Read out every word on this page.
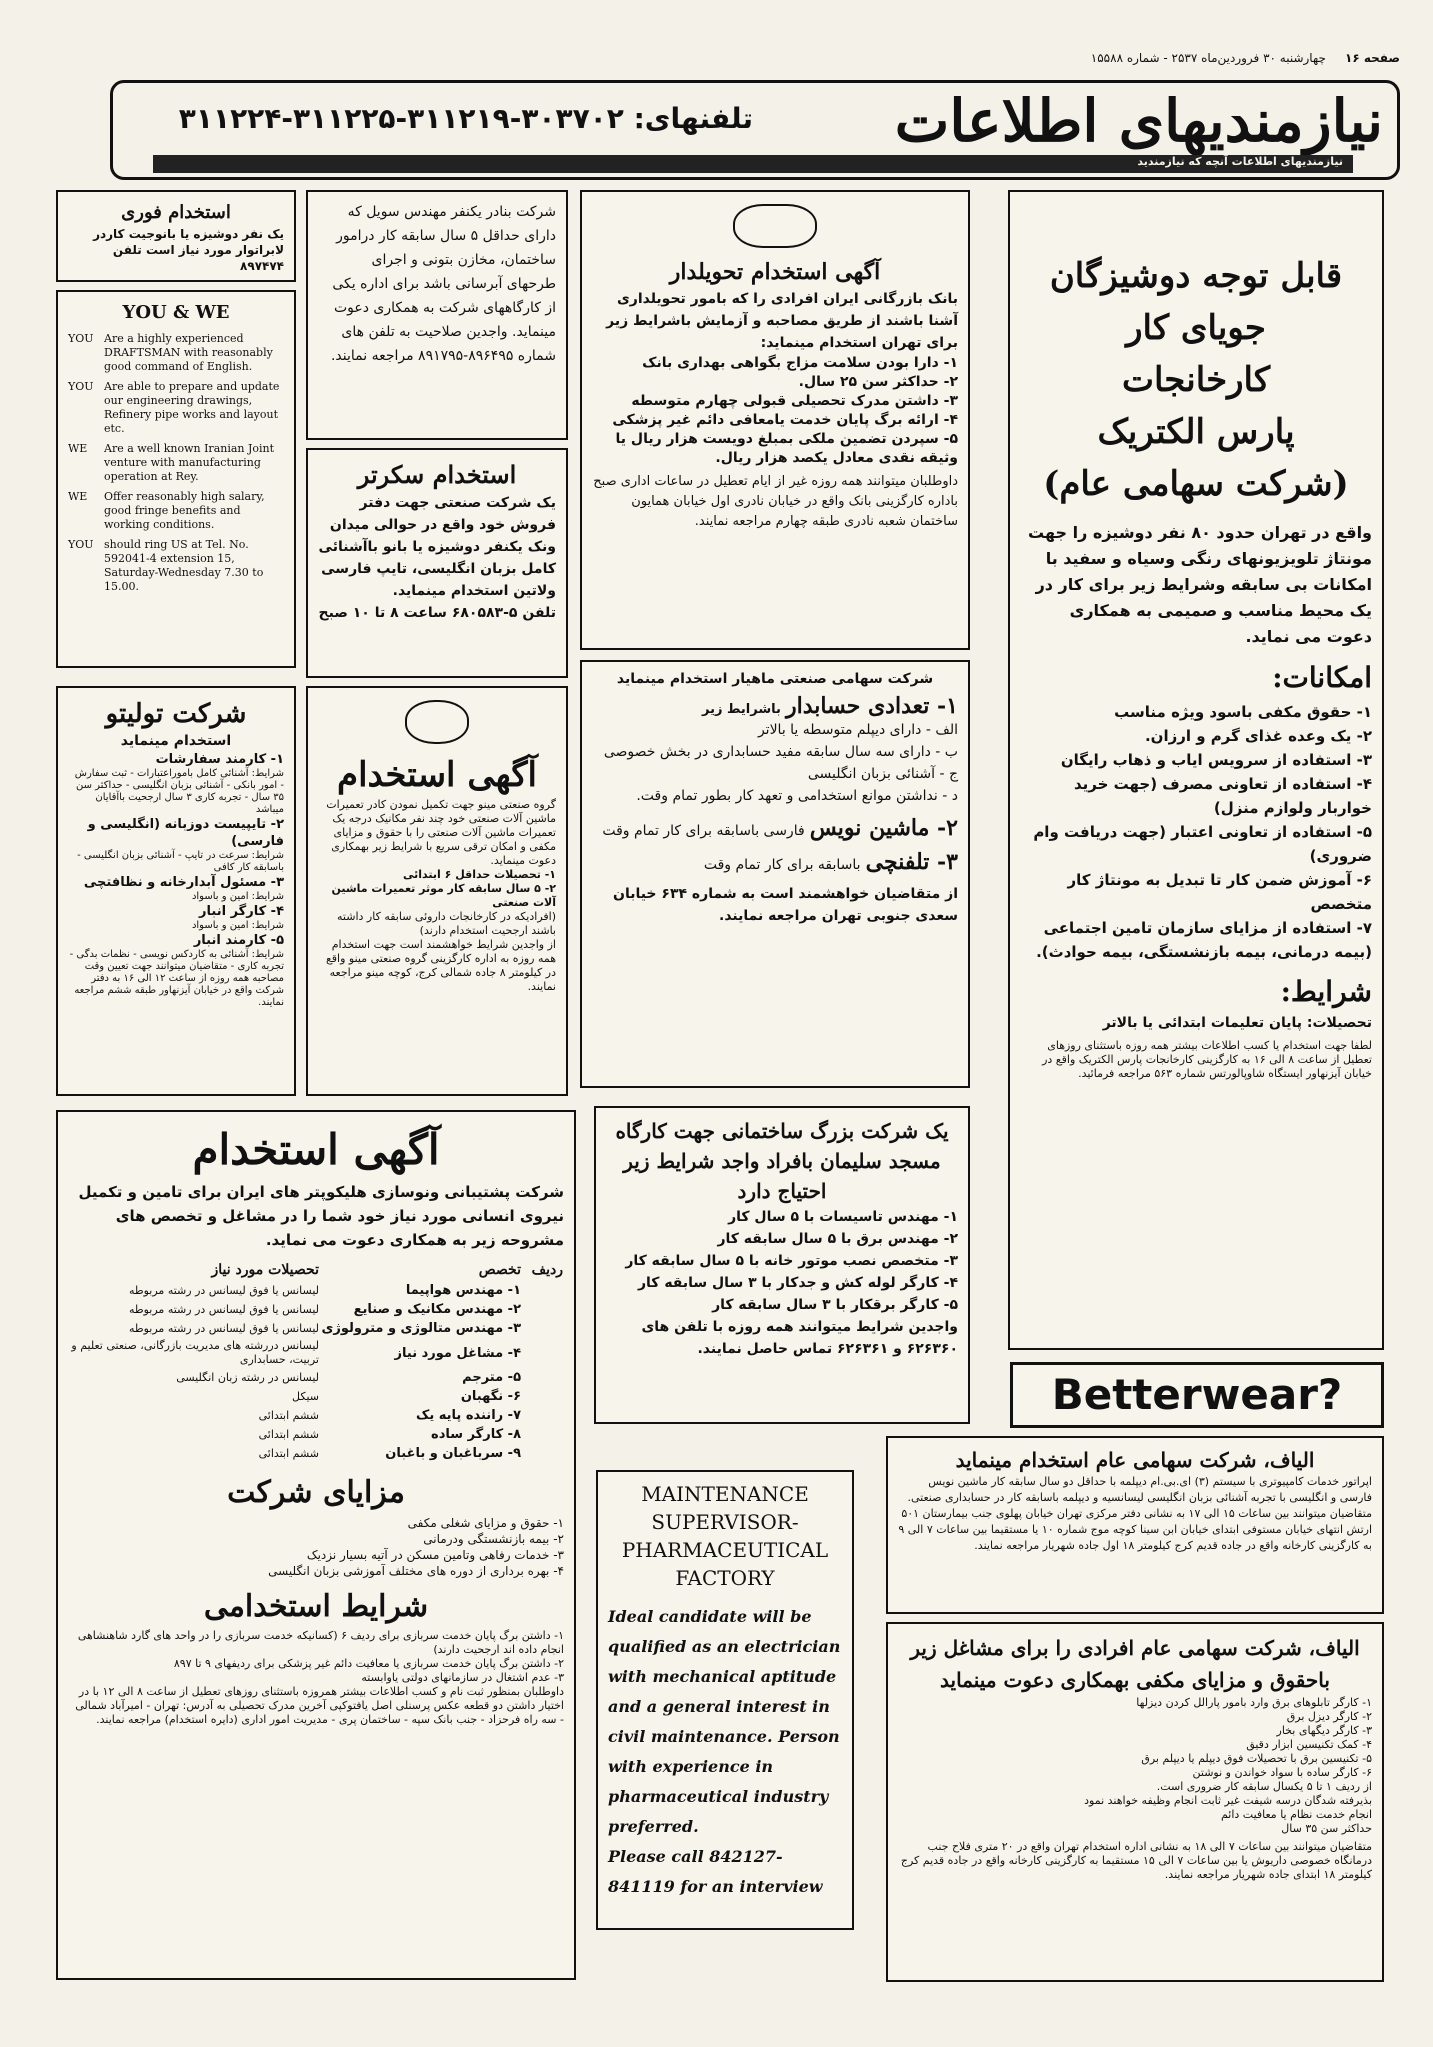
صفحه ۱۶     چهارشنبه ۳۰ فروردین‌ماه ۲۵۳۷ - شماره ۱۵۵۸۸
نیازمندیهای اطلاعات
تلفنهای: ۳۰۳۷۰۲-۳۱۱۲۱۹-۳۱۱۲۲۵-۳۱۱۲۲۴
نیازمندیهای اطلاعات آنچه که نیازمندید
استخدام فوری
یک نفر دوشیزه یا بانوجیت کاردر لابراتوار مورد نیاز است تلفن ۸۹۷۴۷۴
YOU & WE
YOU Are a highly experienced DRAFTSMAN with reasonably good command of English.
YOU Are able to prepare and update our engineering drawings, Refinery pipe works and layout etc.
WE	Are a well known Iranian Joint venture with manufacturing operation at Rey.
WE	Offer reasonably high salary, good fringe benefits and working conditions.
YOU should ring US at Tel. No. 592041-4 extension 15, Saturday-Wednesday 7.30 to 15.00.
شرکت تولیتو
استخدام مینماید
۱- کارمند سفارشات
شرایط: آشنائی کامل باموراعتبارات - ثبت سفارش - امور بانکی - آشنائی بزبان انگلیسی - حداکثر سن ۳۵ سال - تجربه کاری ۳ سال ارجحیت باآقایان میباشد
۲- تایپیست دوزبانه (انگلیسی و فارسی)
شرایط: سرعت در تایپ - آشنائی بزبان انگلیسی - باسابقه کار کافی
۳- مسئول آبدارخانه و نظافتچی
شرایط: امین و باسواد
۴- کارگر انبار
شرایط: امین و باسواد
۵- کارمند انبار
شرایط: آشنائی به کاردکس نویسی - نظمات بدگی - تجربه کاری - متقاضیان میتوانند جهت تعیین وقت مصاحبه همه روزه از ساعت ۱۲ الی ۱۶ به دفتر شرکت واقع در خیابان آیزنهاور طبقه ششم مراجعه نمایند.
شرکت بنادر یکنفر مهندس سویل که دارای حداقل ۵ سال سابقه کار درامور ساختمان، مخازن بتونی و اجرای طرحهای آبرسانی باشد برای اداره یکی از کارگاههای شرکت به همکاری دعوت مینماید. واجدین صلاحیت به تلفن های شماره ۸۹۶۴۹۵-۸۹۱۷۹۵ مراجعه نمایند.
استخدام سکرتر
یک شرکت صنعتی جهت دفتر فروش خود واقع در حوالی میدان ونک یکنفر دوشیزه یا بانو باآشنائی کامل بزبان انگلیسی، تایپ فارسی ولاتین استخدام مینماید.
تلفن ۵-۶۸۰۵۸۳ ساعت ۸ تا ۱۰ صبح
آگهی استخدام
گروه صنعتی مینو جهت تکمیل نمودن کادر تعمیرات ماشین آلات صنعتی خود چند نفر مکانیک درجه یک تعمیرات ماشین آلات صنعتی را با حقوق و مزایای مکفی و امکان ترقی سریع با شرایط زیر بهمکاری دعوت مینماید.
۱- تحصیلات حداقل ۶ ابتدائی
۲- ۵ سال سابقه کار موثر تعمیرات ماشین آلات صنعتی
(افرادیکه در کارخانجات داروئی سابقه کار داشته باشند ارجحیت استخدام دارند)
از واجدین شرایط خواهشمند است جهت استخدام همه روزه به اداره کارگزینی گروه صنعتی مینو واقع در کیلومتر ۸ جاده شمالی کرج، کوچه مینو مراجعه نمایند.
آگهی استخدام تحویلدار
بانک بازرگانی ایران افرادی را که بامور تحویلداری آشنا باشند از طریق مصاحبه و آزمایش باشرایط زیر برای تهران استخدام مینماید:
۱- دارا بودن سلامت مزاج بگواهی بهداری بانک
۲- حداکثر سن ۲۵ سال.
۳- داشتن مدرک تحصیلی قبولی چهارم متوسطه
۴- ارائه برگ پایان خدمت یامعافی دائم غیر پزشکی
۵- سپردن تضمین ملکی بمبلغ دویست هزار ریال یا وثیقه نقدی معادل یکصد هزار ریال.
داوطلبان میتوانند همه روزه غیر از ایام تعطیل در ساعات اداری صبح باداره کارگزینی بانک واقع در خیابان نادری اول خیابان همایون ساختمان شعبه نادری طبقه چهارم مراجعه نمایند.
شرکت سهامی صنعتی ماهیار استخدام مینماید
۱- تعدادی حسابدار باشرایط زیر
الف - دارای دیپلم متوسطه یا بالاتر
ب - دارای سه سال سابقه مفید حسابداری در بخش خصوصی
ج - آشنائی بزبان انگلیسی
د - نداشتن موانع استخدامی و تعهد کار بطور تمام وقت.
۲- ماشین نویس فارسی باسابقه برای کار تمام وقت
۳- تلفنچی باسابقه برای کار تمام وقت
از متقاضیان خواهشمند است به شماره ۶۳۴ خیابان سعدی جنوبی تهران مراجعه نمایند.
قابل توجه دوشیزگان
جویای کار
کارخانجات
پارس الکتریک
(شرکت سهامی عام)
واقع در تهران حدود ۸۰ نفر دوشیزه را جهت مونتاژ تلویزیونهای رنگی وسیاه و سفید با امکانات بی سابقه وشرایط زیر برای کار در یک محیط مناسب و صمیمی به همکاری دعوت می نماید.
امکانات:
۱- حقوق مکفی باسود ویژه مناسب
۲- یک وعده غذای گرم و ارزان.
۳- استفاده از سرویس ایاب و ذهاب رایگان
۴- استفاده از تعاونی مصرف (جهت خرید خواربار ولوازم منزل)
۵- استفاده از تعاونی اعتبار (جهت دریافت وام ضروری)
۶- آموزش ضمن کار تا تبدیل به مونتاژ کار متخصص
۷- استفاده از مزایای سازمان تامین اجتماعی (بیمه درمانی، بیمه بازنشستگی، بیمه حوادث).
شرایط:
تحصیلات: پایان تعلیمات ابتدائی یا بالاتر
لطفا جهت استخدام یا کسب اطلاعات بیشتر همه روزه باستثنای روزهای تعطیل از ساعت ۸ الی ۱۶ به کارگزینی کارخانجات پارس الکتریک واقع در خیابان آیزنهاور ایستگاه شاوپالورتس شماره ۵۶۳ مراجعه فرمائید.
آگهی استخدام
شرکت پشتیبانی ونوسازی هلیکوپتر های ایران برای تامین و تکمیل نیروی انسانی مورد نیاز خود شما را در مشاغل و تخصص های مشروحه زیر به همکاری دعوت می نماید.
ردیف	تخصص	تحصیلات مورد نیاز
	۱- مهندس هواپیما	لیسانس یا فوق لیسانس در رشته مربوطه
	۲- مهندس مکانیک و صنایع	لیسانس یا فوق لیسانس در رشته مربوطه
	۳- مهندس متالوژی و مترولوژی	لیسانس یا فوق لیسانس در رشته مربوطه
	۴- مشاغل مورد نیاز	لیسانس دررشته های مدیریت بازرگانی، صنعتی تعلیم و تربیت، حسابداری
	۵- مترجم	لیسانس در رشته زبان انگلیسی
	۶- نگهبان	سیکل
	۷- راننده پایه یک	ششم ابتدائی
	۸- کارگر ساده	ششم ابتدائی
	۹- سرباغبان و باغبان	ششم ابتدائی
مزایای شرکت
۱- حقوق و مزایای شغلی مکفی
۲- بیمه بازنشستگی ودرمانی
۳- خدمات رفاهی وتامین مسکن در آتیه بسیار نزدیک
۴- بهره برداری از دوره های مختلف آموزشی بزبان انگلیسی
شرایط استخدامی
۱- داشتن برگ پایان خدمت سربازی برای ردیف ۶ (کسانیکه خدمت سربازی را در واحد های گارد شاهنشاهی انجام داده اند ارجحیت دارند)
۲- داشتن برگ پایان خدمت سربازی یا معافیت دائم غیر پزشکی برای ردیفهای ۹ تا ۸۹۷
۳- عدم اشتغال در سازمانهای دولتی یاوابسته
داوطلبان بمنظور ثبت نام و کسب اطلاعات بیشتر همروزه باستثنای روزهای تعطیل از ساعت ۸ الی ۱۲ با در اختیار داشتن دو قطعه عکس پرسنلی اصل یافتوکپی آخرین مدرک تحصیلی به آدرس: تهران - امیرآباد شمالی - سه راه فرحزاد - جنب بانک سپه - ساختمان پری - مدیریت امور اداری (دایره استخدام) مراجعه نمایند.
یک شرکت بزرگ ساختمانی جهت کارگاه مسجد سلیمان بافراد واجد شرایط زیر احتیاج دارد
۱- مهندس تاسیسات با ۵ سال کار
۲- مهندس برق با ۵ سال سابقه کار
۳- متخصص نصب موتور خانه با ۵ سال سابقه کار
۴- کارگر لوله کش و جدکار با ۳ سال سابقه کار
۵- کارگر برقکار با ۳ سال سابقه کار
واجدین شرایط میتوانند همه روزه با تلفن های ۶۲۶۳۶۰ و ۶۲۶۳۶۱ تماس حاصل نمایند.
MAINTENANCE
SUPERVISOR-
PHARMACEUTICAL
FACTORY
Ideal candidate will be qualified as an electrician with mechanical aptitude and a general interest in civil maintenance. Person with experience in pharmaceutical industry preferred.
Please call 842127-841119 for an interview
Betterwear?
الیاف، شرکت سهامی عام استخدام مینماید
اپراتور خدمات کامپیوتری با سیستم (۳) ای.بی.ام دیپلمه با حداقل دو سال سابقه کار ماشین نویس فارسی و انگلیسی با تجربه آشنائی بزبان انگلیسی لیسانسیه و دیپلمه باسابقه کار در حسابداری صنعتی. متقاضیان میتوانند بین ساعات ۱۵ الی ۱۷ به نشانی دفتر مرکزی تهران خیابان پهلوی جنب بیمارستان ۵۰۱ ارتش انتهای خیابان مستوفی ابتدای خیابان ابن سینا کوچه موج شماره ۱۰ یا مستقیما بین ساعات ۷ الی ۹ به کارگزینی کارخانه واقع در جاده قدیم کرج کیلومتر ۱۸ اول جاده شهریار مراجعه نمایند.
الیاف، شرکت سهامی عام افرادی را برای مشاغل زیر باحقوق و مزایای مکفی بهمکاری دعوت مینماید
۱- کارگر تابلوهای برق وارد بامور پارالل کردن دیزلها
۲- کارگر دیزل برق
۳- کارگر دیگهای بخار
۴- کمک تکنیسین ابزار دقیق
۵- تکنیسین برق با تحصیلات فوق دیپلم یا دیپلم برق
۶- کارگر ساده با سواد خواندن و نوشتن
از ردیف ۱ تا ۵ یکسال سابقه کار ضروری است.
بذیرفته شدگان درسه شیفت غیر ثابت انجام وظیفه خواهند نمود
انجام خدمت نظام یا معافیت دائم
حداکثر سن ۳۵ سال
متقاضیان میتوانند بین ساعات ۷ الی ۱۸ به نشانی اداره استخدام تهران واقع در ۲۰ متری فلاح جنب درمانگاه خصوصی داریوش یا بین ساعات ۷ الی ۱۵ مستقیما به کارگزینی کارخانه واقع در جاده قدیم کرج کیلومتر ۱۸ ابتدای جاده شهریار مراجعه نمایند.
